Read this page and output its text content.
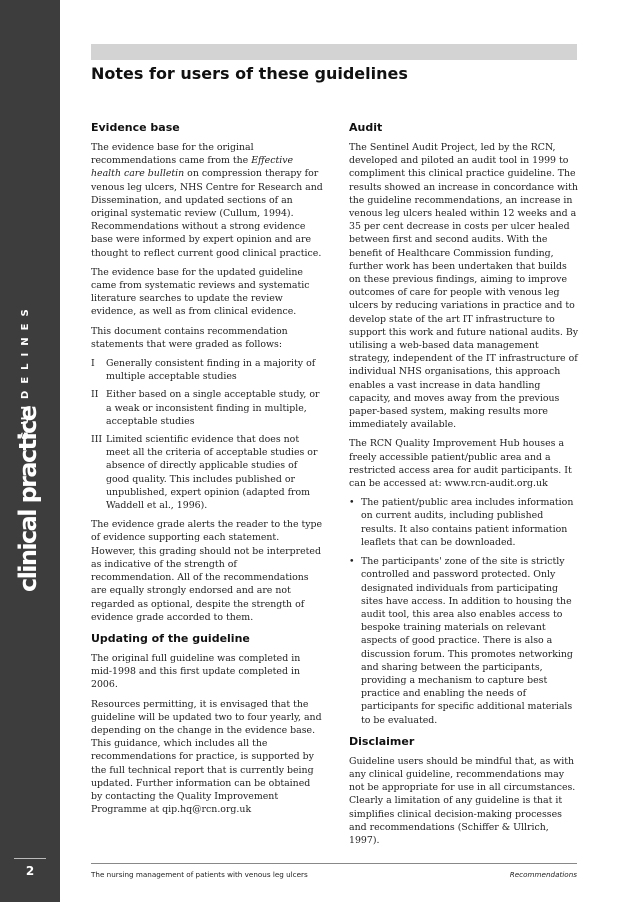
clinical practice
GUIDELINES
2
Notes for users of these guidelines
Evidence base

The evidence base for the original recommendations came from the Effective health care bulletin on compression therapy for venous leg ulcers, NHS Centre for Research and Dissemination, and updated sections of an original systematic review (Cullum, 1994). Recommendations without a strong evidence base were informed by expert opinion and are thought to reflect current good clinical practice.

The evidence base for the updated guideline came from systematic reviews and systematic literature searches to update the review evidence, as well as from clinical evidence.

This document contains recommendation statements that were graded as follows:

I Generally consistent finding in a majority of multiple acceptable studies
II Either based on a single acceptable study, or a weak or inconsistent finding in multiple, acceptable studies
III Limited scientific evidence that does not meet all the criteria of acceptable studies or absence of directly applicable studies of good quality. This includes published or unpublished, expert opinion (adapted from Waddell et al., 1996).

The evidence grade alerts the reader to the type of evidence supporting each statement. However, this grading should not be interpreted as indicative of the strength of recommendation. All of the recommendations are equally strongly endorsed and are not regarded as optional, despite the strength of evidence grade accorded to them.

Updating of the guideline

The original full guideline was completed in mid-1998 and this first update completed in 2006.

Resources permitting, it is envisaged that the guideline will be updated two to four yearly, and depending on the change in the evidence base. This guidance, which includes all the recommendations for practice, is supported by the full technical report that is currently being updated. Further information can be obtained by contacting the Quality Improvement Programme at qip.hq@rcn.org.uk

Audit

The Sentinel Audit Project, led by the RCN, developed and piloted an audit tool in 1999 to compliment this clinical practice guideline. The results showed an increase in concordance with the guideline recommendations, an increase in venous leg ulcers healed within 12 weeks and a 35 per cent decrease in costs per ulcer healed between first and second audits. With the benefit of Healthcare Commission funding, further work has been undertaken that builds on these previous findings, aiming to improve outcomes of care for people with venous leg ulcers by reducing variations in practice and to develop state of the art IT infrastructure to support this work and future national audits. By utilising a web-based data management strategy, independent of the IT infrastructure of individual NHS organisations, this approach enables a vast increase in data handling capacity, and moves away from the previous paper-based system, making results more immediately available.

The RCN Quality Improvement Hub houses a freely accessible patient/public area and a restricted access area for audit participants. It can be accessed at: www.rcn-audit.org.uk

• The patient/public area includes information on current audits, including published results. It also contains patient information leaflets that can be downloaded.
• The participants' zone of the site is strictly controlled and password protected. Only designated individuals from participating sites have access. In addition to housing the audit tool, this area also enables access to bespoke training materials on relevant aspects of good practice. There is also a discussion forum. This promotes networking and sharing between the participants, providing a mechanism to capture best practice and enabling the needs of participants for specific additional materials to be evaluated.
Disclaimer

Guideline users should be mindful that, as with any clinical guideline, recommendations may not be appropriate for use in all circumstances. Clearly a limitation of any guideline is that it simplifies clinical decision-making processes and recommendations (Schiffer & Ullrich, 1997).

The nursing management of patients with venous leg ulcers	Recommendations
